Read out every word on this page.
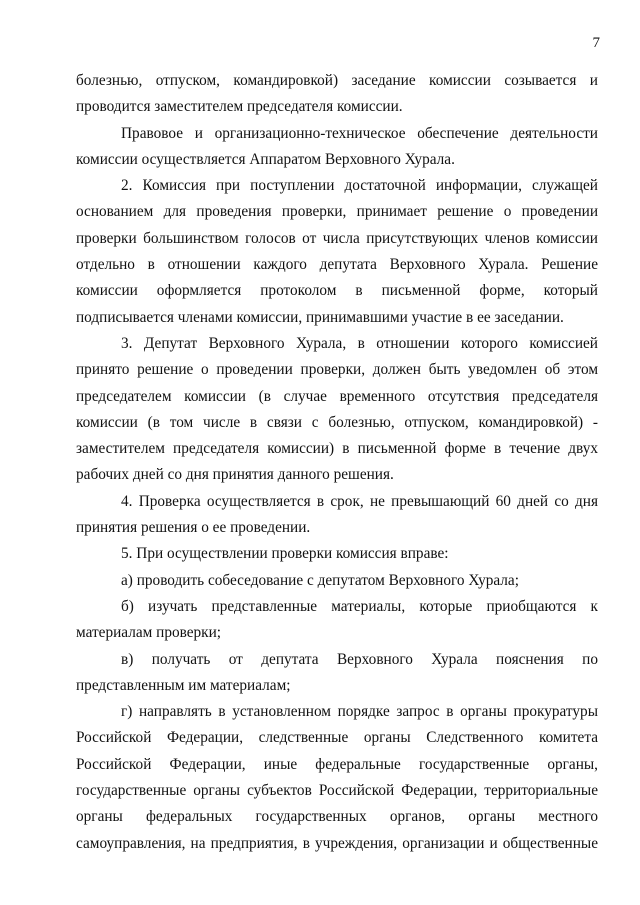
7

болезнью, отпуском, командировкой) заседание комиссии созывается и проводится заместителем председателя комиссии.

Правовое и организационно-техническое обеспечение деятельности комиссии осуществляется Аппаратом Верховного Хурала.

2. Комиссия при поступлении достаточной информации, служащей основанием для проведения проверки, принимает решение о проведении проверки большинством голосов от числа присутствующих членов комиссии отдельно в отношении каждого депутата Верховного Хурала. Решение комиссии оформляется протоколом в письменной форме, который подписывается членами комиссии, принимавшими участие в ее заседании.

3. Депутат Верховного Хурала, в отношении которого комиссией принято решение о проведении проверки, должен быть уведомлен об этом председателем комиссии (в случае временного отсутствия председателя комиссии (в том числе в связи с болезнью, отпуском, командировкой) - заместителем председателя комиссии) в письменной форме в течение двух рабочих дней со дня принятия данного решения.

4. Проверка осуществляется в срок, не превышающий 60 дней со дня принятия решения о ее проведении.

5. При осуществлении проверки комиссия вправе:

а) проводить собеседование с депутатом Верховного Хурала;

б) изучать представленные материалы, которые приобщаются к материалам проверки;

в) получать от депутата Верховного Хурала пояснения по представленным им материалам;

г) направлять в установленном порядке запрос в органы прокуратуры Российской Федерации, следственные органы Следственного комитета Российской Федерации, иные федеральные государственные органы, государственные органы субъектов Российской Федерации, территориальные органы федеральных государственных органов, органы местного самоуправления, на предприятия, в учреждения, организации и общественные
